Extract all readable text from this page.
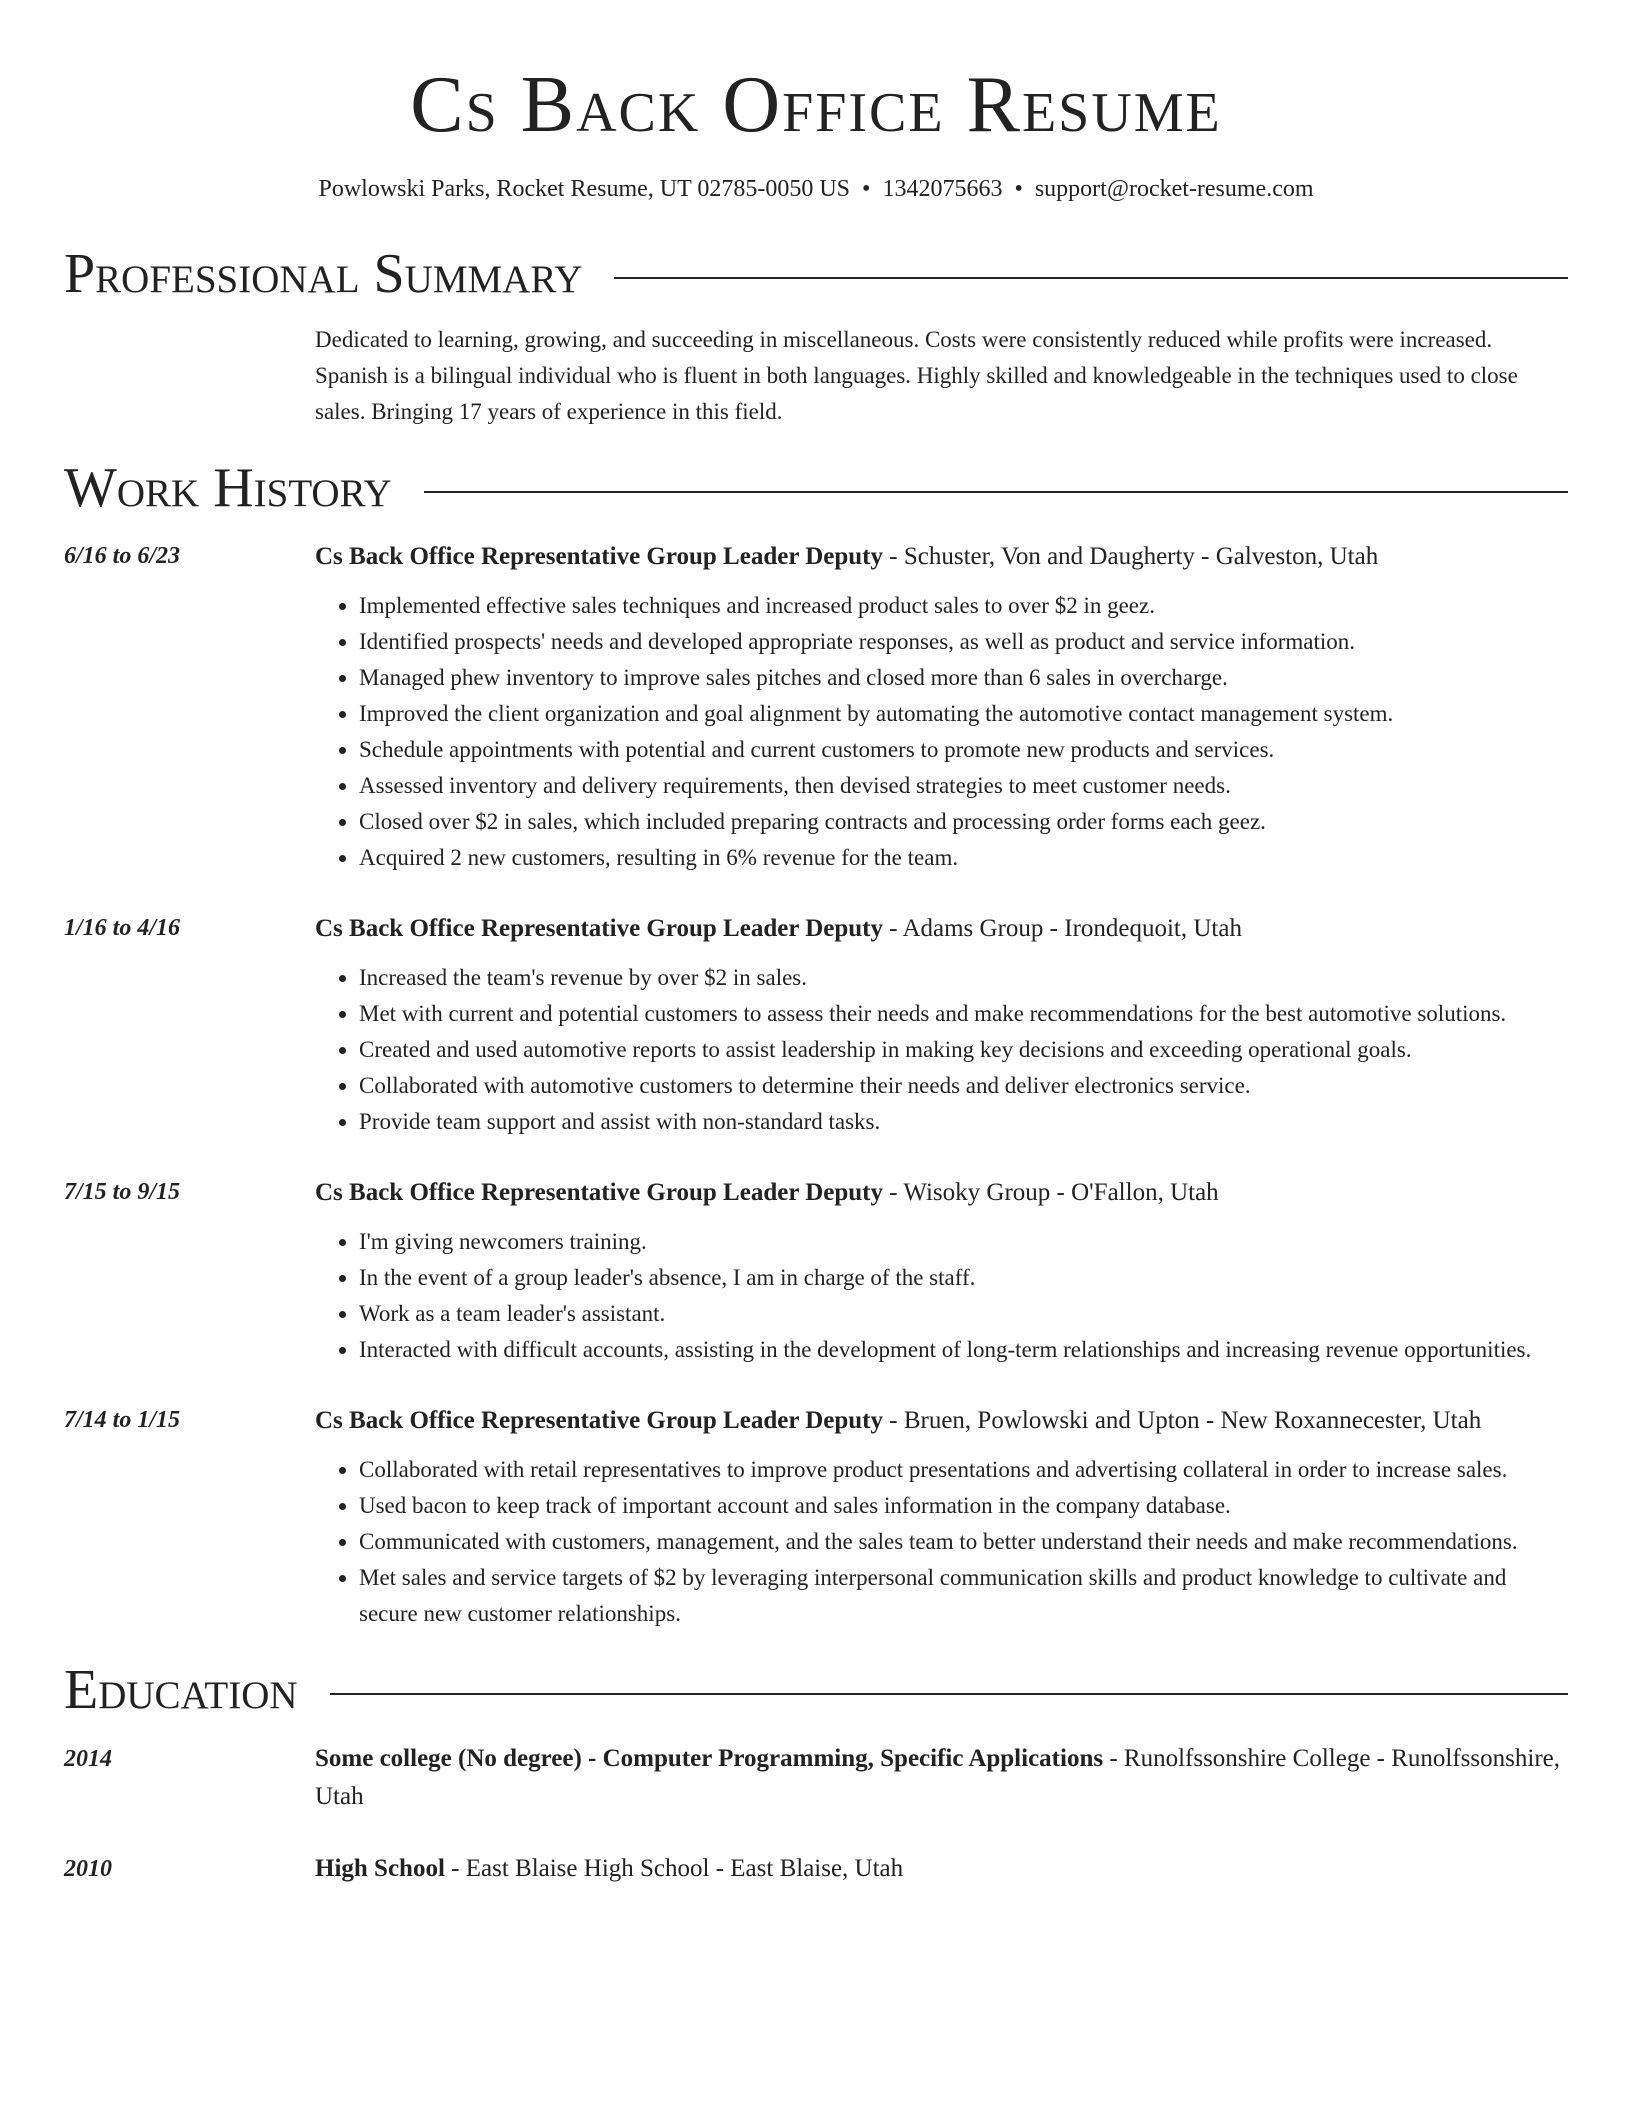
Cs Back Office Resume
Powlowski Parks, Rocket Resume, UT 02785-0050 US • 1342075663 • support@rocket-resume.com
Professional Summary
Dedicated to learning, growing, and succeeding in miscellaneous. Costs were consistently reduced while profits were increased. Spanish is a bilingual individual who is fluent in both languages. Highly skilled and knowledgeable in the techniques used to close sales. Bringing 17 years of experience in this field.
Work History
6/16 to 6/23	Cs Back Office Representative Group Leader Deputy - Schuster, Von and Daugherty - Galveston, Utah
• Implemented effective sales techniques and increased product sales to over $2 in geez.
• Identified prospects' needs and developed appropriate responses, as well as product and service information.
• Managed phew inventory to improve sales pitches and closed more than 6 sales in overcharge.
• Improved the client organization and goal alignment by automating the automotive contact management system.
• Schedule appointments with potential and current customers to promote new products and services.
• Assessed inventory and delivery requirements, then devised strategies to meet customer needs.
• Closed over $2 in sales, which included preparing contracts and processing order forms each geez.
• Acquired 2 new customers, resulting in 6% revenue for the team.
1/16 to 4/16	Cs Back Office Representative Group Leader Deputy - Adams Group - Irondequoit, Utah
• Increased the team's revenue by over $2 in sales.
• Met with current and potential customers to assess their needs and make recommendations for the best automotive solutions.
• Created and used automotive reports to assist leadership in making key decisions and exceeding operational goals.
• Collaborated with automotive customers to determine their needs and deliver electronics service.
• Provide team support and assist with non-standard tasks.
7/15 to 9/15	Cs Back Office Representative Group Leader Deputy - Wisoky Group - O'Fallon, Utah
• I'm giving newcomers training.
• In the event of a group leader's absence, I am in charge of the staff.
• Work as a team leader's assistant.
• Interacted with difficult accounts, assisting in the development of long-term relationships and increasing revenue opportunities.
7/14 to 1/15	Cs Back Office Representative Group Leader Deputy - Bruen, Powlowski and Upton - New Roxannecester, Utah
• Collaborated with retail representatives to improve product presentations and advertising collateral in order to increase sales.
• Used bacon to keep track of important account and sales information in the company database.
• Communicated with customers, management, and the sales team to better understand their needs and make recommendations.
• Met sales and service targets of $2 by leveraging interpersonal communication skills and product knowledge to cultivate and secure new customer relationships.
Education
2014	Some college (No degree) - Computer Programming, Specific Applications - Runolfssonshire College - Runolfssonshire, Utah
2010	High School - East Blaise High School - East Blaise, Utah
